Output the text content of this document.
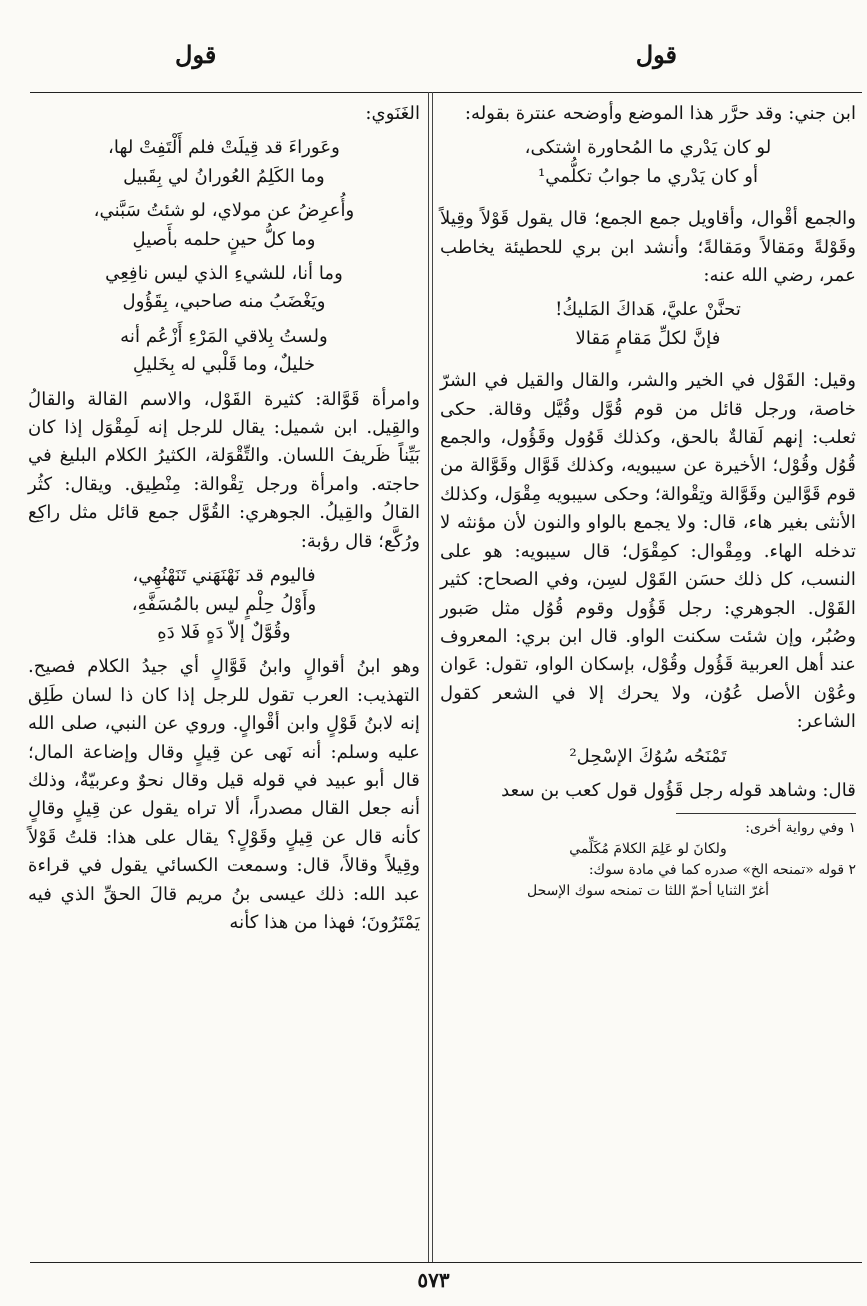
قول
قول

ابن جني: وقد حرَّر هذا الموضع وأوضحه عنترة بقوله:

لو كان يَدْري ما المُحاورة اشتكى،

أو كان يَدْري ما جوابُ تكلُّمي¹

والجمع أقْوال، وأقاويل جمع الجمع؛ قال يقول قَوْلاً وقِيلاً وقَوْلةً ومَقالاً ومَقالةً؛ وأنشد ابن بري للحطيئة يخاطب عمر، رضي الله عنه:

تحنَّنْ عليَّ، هَداكَ المَليكُ!

فإنَّ لكلِّ مَقامٍ مَقالا

وقيل: القَوْل في الخير والشر، والقال والقيل في الشرّ خاصة، ورجل قائل من قوم قُوَّل وقُيَّل وقالة. حكى ثعلب: إنهم لَقالةٌ بالحق، وكذلك قَوُول وقَؤُول، والجمع قُوُل وقُوْل؛ الأخيرة عن سيبويه، وكذلك قَوَّال وقَوَّالة من قوم قَوَّالين وقَوَّالة وتِقْوالة؛ وحكى سيبويه مِقْوَل، وكذلك الأنثى بغير هاء، قال: ولا يجمع بالواو والنون لأن مؤنثه لا تدخله الهاء. ومِقْوال: كمِقْوَل؛ قال سيبويه: هو على النسب، كل ذلك حسَن القَوْل لسِن، وفي الصحاح: كثير القَوْل. الجوهري: رجل قَؤُول وقوم قُوُل مثل صَبور وصُبُر، وإن شئت سكنت الواو. قال ابن بري: المعروف عند أهل العربية قَؤُول وقُوْل، بإسكان الواو، تقول: عَوان وعُوْن الأصل عُوُن، ولا يحرك إلا في الشعر كقول الشاعر:

تَمْنَحُه سُوُكَ الإسْحِل²

قال: وشاهد قوله رجل قَؤُول قول كعب بن سعد

١ وفي رواية أخرى:

ولكانَ لو عَلِمَ الكلامَ مُكَلِّمي

٢ قوله «تمنحه الخ» صدره كما في مادة سوك:

أغرّ الثنايا أحمّ اللثا ت تمنحه سوك الإسحل

الغَنَوي:

وعَوراءَ قد قِيلَتْ فلم أَلْتَفِتْ لها،

وما الكَلِمُ العُورانُ لي بِقَبيل

وأُعرِضُ عن مولاي، لو شئتُ سَبَّني،

وما كلُّ حينٍ حلمه بأَصيلِ

وما أنا، للشيءِ الذي ليس نافِعِي

ويَغْضَبُ منه صاحبي، بِقَؤُول

ولستُ بِلاقي المَرْءِ أَزْعُم أنه

خليلٌ، وما قَلْبي له بِخَليلِ

وامرأة قَوَّالة: كثيرة القَوْل، والاسم القالة والقالُ والقِيل. ابن شميل: يقال للرجل إنه لَمِقْوَل إذا كان بَيِّناً ظَريفَ اللسان. والتِّقْوَلة، الكثيرُ الكلام البليغ في حاجته. وامرأة ورجل تِقْوالة: مِنْطِيق. ويقال: كثُر القالُ والقِيلُ. الجوهري: القُوَّل جمع قائل مثل راكِع ورُكَّع؛ قال رؤبة:

فاليوم قد نَهْنَهَني تَنَهْنُهِي،

وأَوْلُ حِلْمٍ ليس بالمُسَفَّهِ،

وقُوَّلٌ إلاّ دَهٍ فَلا دَهِ

وهو ابنُ أقوالٍ وابنُ قَوَّالٍ أي جيدُ الكلام فصيح. التهذيب: العرب تقول للرجل إذا كان ذا لسان طَلِق إنه لابنُ قَوْلٍ وابن أقْوالٍ. وروي عن النبي، صلى الله عليه وسلم: أنه نَهى عن قِيلٍ وقال وإضاعة المال؛ قال أبو عبيد في قوله قيل وقال نحوٌ وعربيّةٌ، وذلك أنه جعل القال مصدراً، ألا تراه يقول عن قِيلٍ وقالٍ كأنه قال عن قِيلٍ وقَوْلٍ؟ يقال على هذا: قلتُ قَوْلاً وقِيلاً وقالاً، قال: وسمعت الكسائي يقول في قراءة عبد الله: ذلك عيسى بنُ مريم قالَ الحقِّ الذي فيه يَمْتَرُونَ؛ فهذا من هذا كأنه

٥٧٣
